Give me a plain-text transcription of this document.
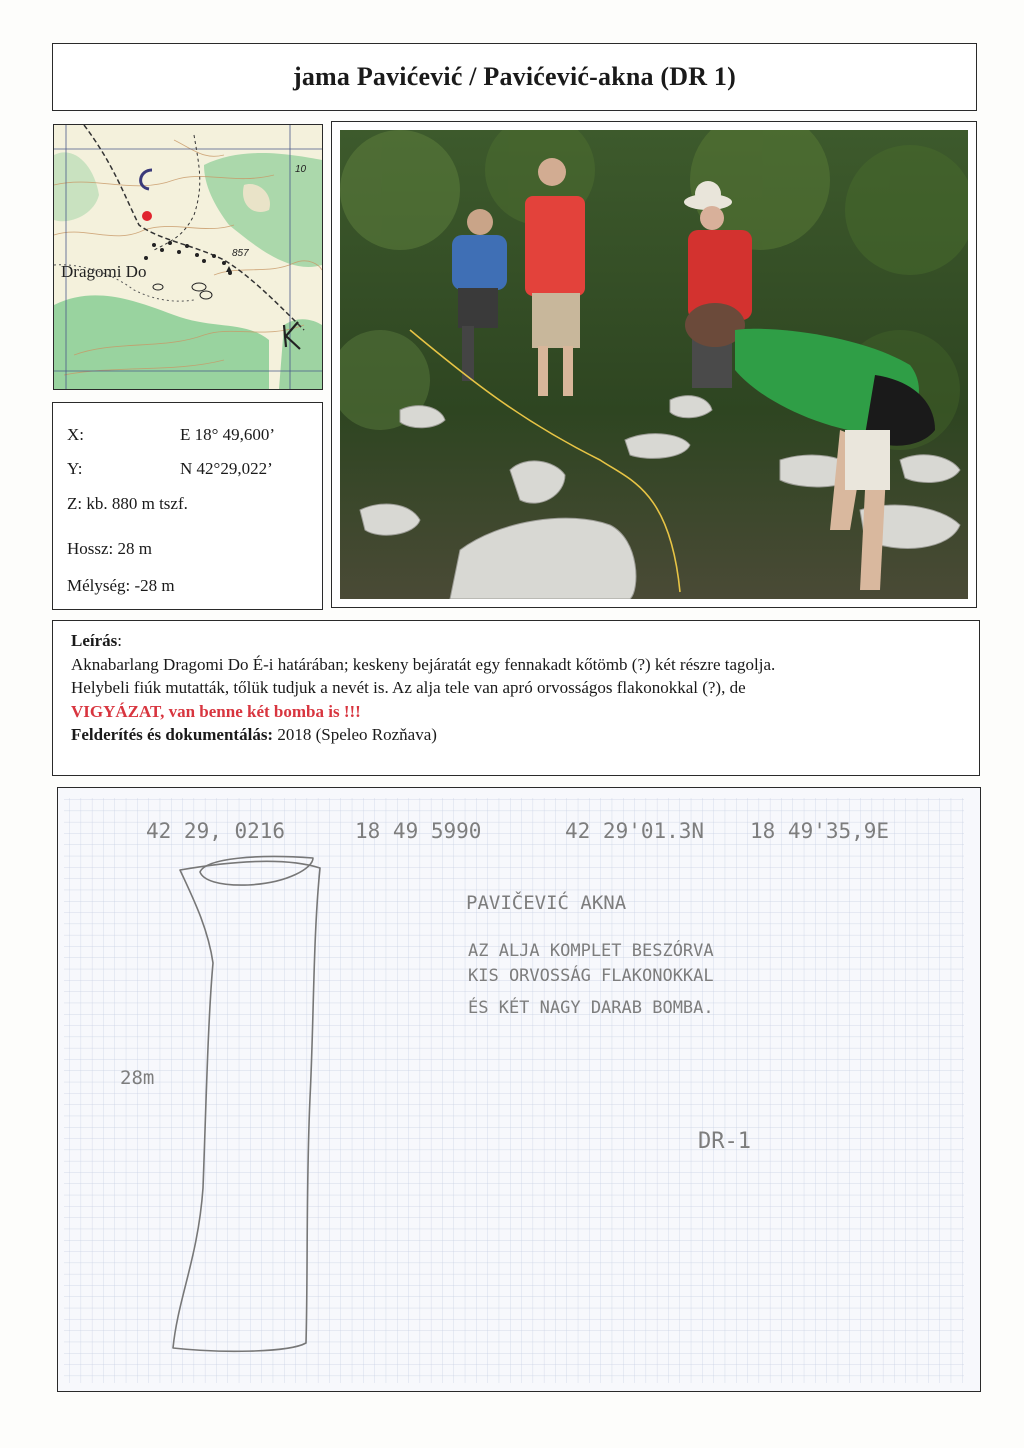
jama Pavićević / Pavićević-akna (DR 1)
Dragomi Do
857
10
X:	E 18° 49,600’
Y:	N 42°29,022’
Z: kb. 880 m tszf.
Hossz: 28 m
Mélység: -28 m

Leírás:

Aknabarlang Dragomi Do É-i határában; keskeny bejáratát egy fennakadt kőtömb (?) két részre tagolja.

Helybeli fiúk mutatták, tőlük tudjuk a nevét is. Az alja tele van apró orvosságos flakonokkal (?), de

VIGYÁZAT, van benne két bomba is !!!

Felderítés és dokumentálás: 2018 (Speleo Rozňava)

42 29, 0216	18 49 5990	42 29'01.3N 18 49'35,9E
PAVIČEVIĆ AKNA
AZ ALJA KOMPLET BESZÓRVA
KIS ORVOSSÁG FLAKONOKKAL
ÉS KÉT NAGY DARAB BOMBA.
28m
DR-1
